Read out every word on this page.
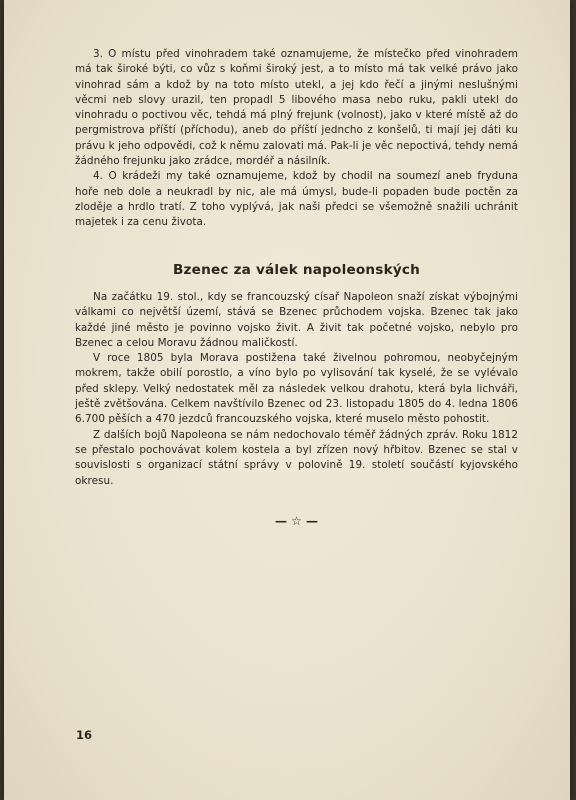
3. O místu před vinohradem také oznamujeme, že místečko před vinohradem má tak široké býti, co vůz s koňmi široký jest, a to místo má tak velké právo jako vinohrad sám a kdož by na toto místo utekl, a jej kdo řečí a jinými neslušnými věcmi neb slovy urazil, ten propadl 5 libového masa nebo ruku, pakli utekl do vinohradu o poctivou věc, tehdá má plný frejunk (volnost), jako v které místě až do pergmistrova příští (příchodu), aneb do příští jedncho z konšelů, ti mají jej dáti ku právu k jeho odpovědi, což k němu zalovati má. Pak-li je věc nepoctivá, tehdy nemá žádného frejunku jako zrádce, mordéř a násilník.

4. O krádeži my také oznamujeme, kdož by chodil na soumezí aneb fryduna hoře neb dole a neukradl by nic, ale má úmysl, bude-li popaden bude poctěn za zloděje a hrdlo tratí. Z toho vyplývá, jak naši předci se všemožně snažili uchránit majetek i za cenu života.

Bzenec za válek napoleonských

Na začátku 19. stol., kdy se francouzský císař Napoleon snaží získat výbojnými válkami co největší území, stává se Bzenec průchodem vojska. Bzenec tak jako každé jiné město je povinno vojsko živit. A živit tak početné vojsko, nebylo pro Bzenec a celou Moravu žádnou maličkostí.

V roce 1805 byla Morava postižena také živelnou pohromou, neobyčejným mokrem, takže obilí porostlo, a víno bylo po vylisování tak kyselé, že se vylévalo před sklepy. Velký nedostatek měl za následek velkou drahotu, která byla lichváři, ještě zvětšována. Celkem navštívilo Bzenec od 23. listopadu 1805 do 4. ledna 1806 6.700 pěších a 470 jezdců francouzského vojska, které muselo město pohostit.

Z dalších bojů Napoleona se nám nedochovalo téměř žádných zpráv. Roku 1812 se přestalo pochovávat kolem kostela a byl zřízen nový hřbitov. Bzenec se stal v souvislosti s organizací státní správy v polovině 19. století součástí kyjovského okresu.

— ☆ —
16
